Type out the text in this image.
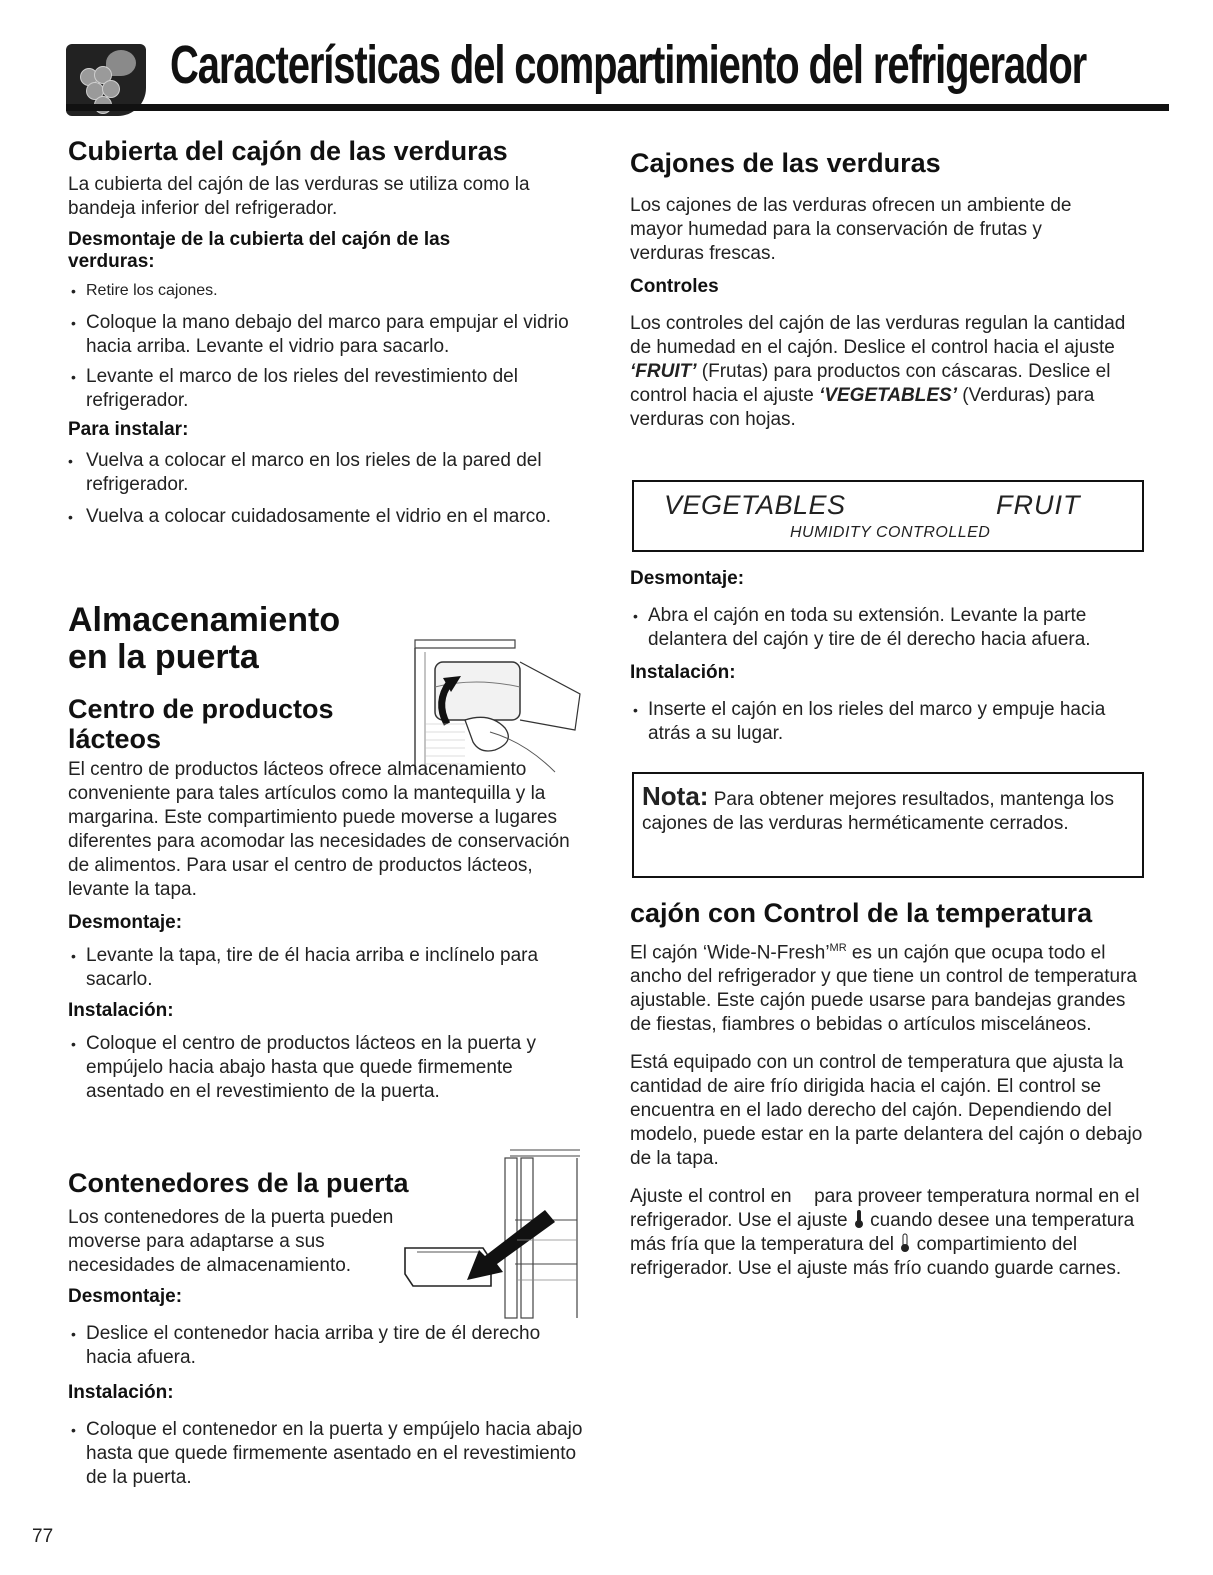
Características del compartimiento del refrigerador
Cubierta del cajón de las verduras
La cubierta del cajón de las verduras se utiliza como la bandeja inferior del refrigerador.
Desmontaje de la cubierta del cajón de las verduras:
• Retire los cajones.
• Coloque la mano debajo del marco para empujar el vidrio hacia arriba. Levante el vidrio para sacarlo.
• Levante el marco de los rieles del revestimiento del refrigerador.
Para instalar:
• Vuelva a colocar el marco en los rieles de la pared del refrigerador.
• Vuelva a colocar cuidadosamente el vidrio en el marco.
Almacenamiento
en la puerta
Centro de productos
lácteos
El centro de productos lácteos ofrece almacenamiento conveniente para tales artículos como la mantequilla y la margarina. Este compartimiento puede moverse a lugares diferentes para acomodar las necesidades de conservación de alimentos. Para usar el centro de productos lácteos, levante la tapa.
Desmontaje:
• Levante la tapa, tire de él hacia arriba e inclínelo para sacarlo.
Instalación:
• Coloque el centro de productos lácteos en la puerta y empújelo hacia abajo hasta que quede firmemente asentado en el revestimiento de la puerta.
Contenedores de la puerta
Los contenedores de la puerta pueden moverse para adaptarse a sus necesidades de almacenamiento.
Desmontaje:
• Deslice el contenedor hacia arriba y tire de él derecho hacia afuera.
Instalación:
• Coloque el contenedor en la puerta y empújelo hacia abajo hasta que quede firmemente asentado en el revestimiento de la puerta.
77
Cajones de las verduras
Los cajones de las verduras ofrecen un ambiente de mayor humedad para la conservación de frutas y verduras frescas.
Controles
Los controles del cajón de las verduras regulan la cantidad de humedad en el cajón. Deslice el control hacia el ajuste ‘FRUIT’ (Frutas) para productos con cáscaras. Deslice el control hacia el ajuste ‘VEGETABLES’ (Verduras) para verduras con hojas.
VEGETABLES	FRUIT
HUMIDITY CONTROLLED
Desmontaje:
• Abra el cajón en toda su extensión. Levante la parte delantera del cajón y tire de él derecho hacia afuera.
Instalación:
• Inserte el cajón en los rieles del marco y empuje hacia atrás a su lugar.
Nota: Para obtener mejores resultados, mantenga los cajones de las verduras herméticamente cerrados.
cajón con Control de la temperatura
El cajón ‘Wide-N-Fresh’$^{MR}$ es un cajón que ocupa todo el ancho del refrigerador y que tiene un control de temperatura ajustable. Este cajón puede usarse para bandejas grandes de fiestas, fiambres o bebidas o artículos misceláneos.
Está equipado con un control de temperatura que ajusta la cantidad de aire frío dirigida hacia el cajón. El control se encuentra en el lado derecho del cajón. Dependiendo del modelo, puede estar en la parte delantera del cajón o debajo de la tapa.
Ajuste el control en para proveer temperatura normal en el refrigerador. Use el ajuste cuando desee una temperatura más fría que la temperatura del compartimiento del refrigerador. Use el ajuste más frío cuando guarde carnes.
